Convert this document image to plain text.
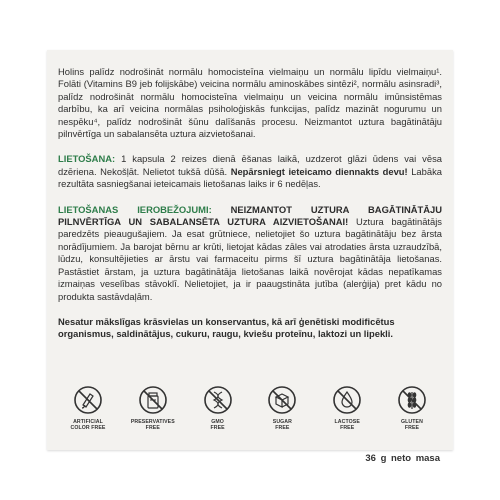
Holins palīdz nodrošināt normālu homocisteīna vielmaiņu un normālu lipīdu vielmaiņu¹. Folāti (Vitamins B9 jeb folijskābe) veicina normālu aminoskābes sintēzi², normālu asinsradi³, palīdz nodrošināt normālu homocisteīna vielmaiņu un veicina normālu imūnsistēmas darbību, ka arī veicina normālas psiholoģiskās funkcijas, palīdz mazināt nogurumu un nespēku⁴, palīdz nodrošināt šūnu dalīšanās procesu. Neizmantot uztura bagātinātāju pilnvērtīga un sabalansēta uztura aizvietošanai.

LIETOŠANA: 1 kapsula 2 reizes dienā ēšanas laikā, uzdzerot glāzi ūdens vai vēsa dzēriena. Nekošļāt. Nelietot tukšā dūšā. Nepārsniegt ieteicamo diennakts devu! Labāka rezultāta sasniegšanai ieteicamais lietošanas laiks ir 6 nedēļas.

LIETOŠANAS IEROBEŽOJUMI: NEIZMANTOT UZTURA BAGĀTINĀTĀJU PILNVĒRTĪGA UN SABALANSĒTA UZTURA AIZVIETOŠANAI! Uztura bagātinātājs paredzēts pieaugušajiem. Ja esat grūtniece, nelietojiet šo uztura bagātinātāju bez ārsta norādījumiem. Ja barojat bērnu ar krūti, lietojat kādas zāles vai atrodaties ārsta uzraudzībā, lūdzu, konsultējieties ar ārstu vai farmaceitu pirms šī uztura bagātinātāja lietošanas. Pastāstiet ārstam, ja uztura bagātinātāja lietošanas laikā novērojat kādas nepatīkamas izmaiņas veselības stāvoklī. Nelietojiet, ja ir paaugstināta jutība (alerģija) pret kādu no produkta sastāvdaļām.

Nesatur mākslīgas krāsvielas un konservantus, kā arī ģenētiski modificētus organismus, saldinātājus, cukuru, raugu, kviešu proteīnu, laktozi un lipekli.

ARTIFICIAL
COLOR FREE
PRESERVATIVES
FREE
GMO
FREE
SUGAR
FREE
LACTOSE
FREE
GLUTEN
FREE
36 g neto masa
